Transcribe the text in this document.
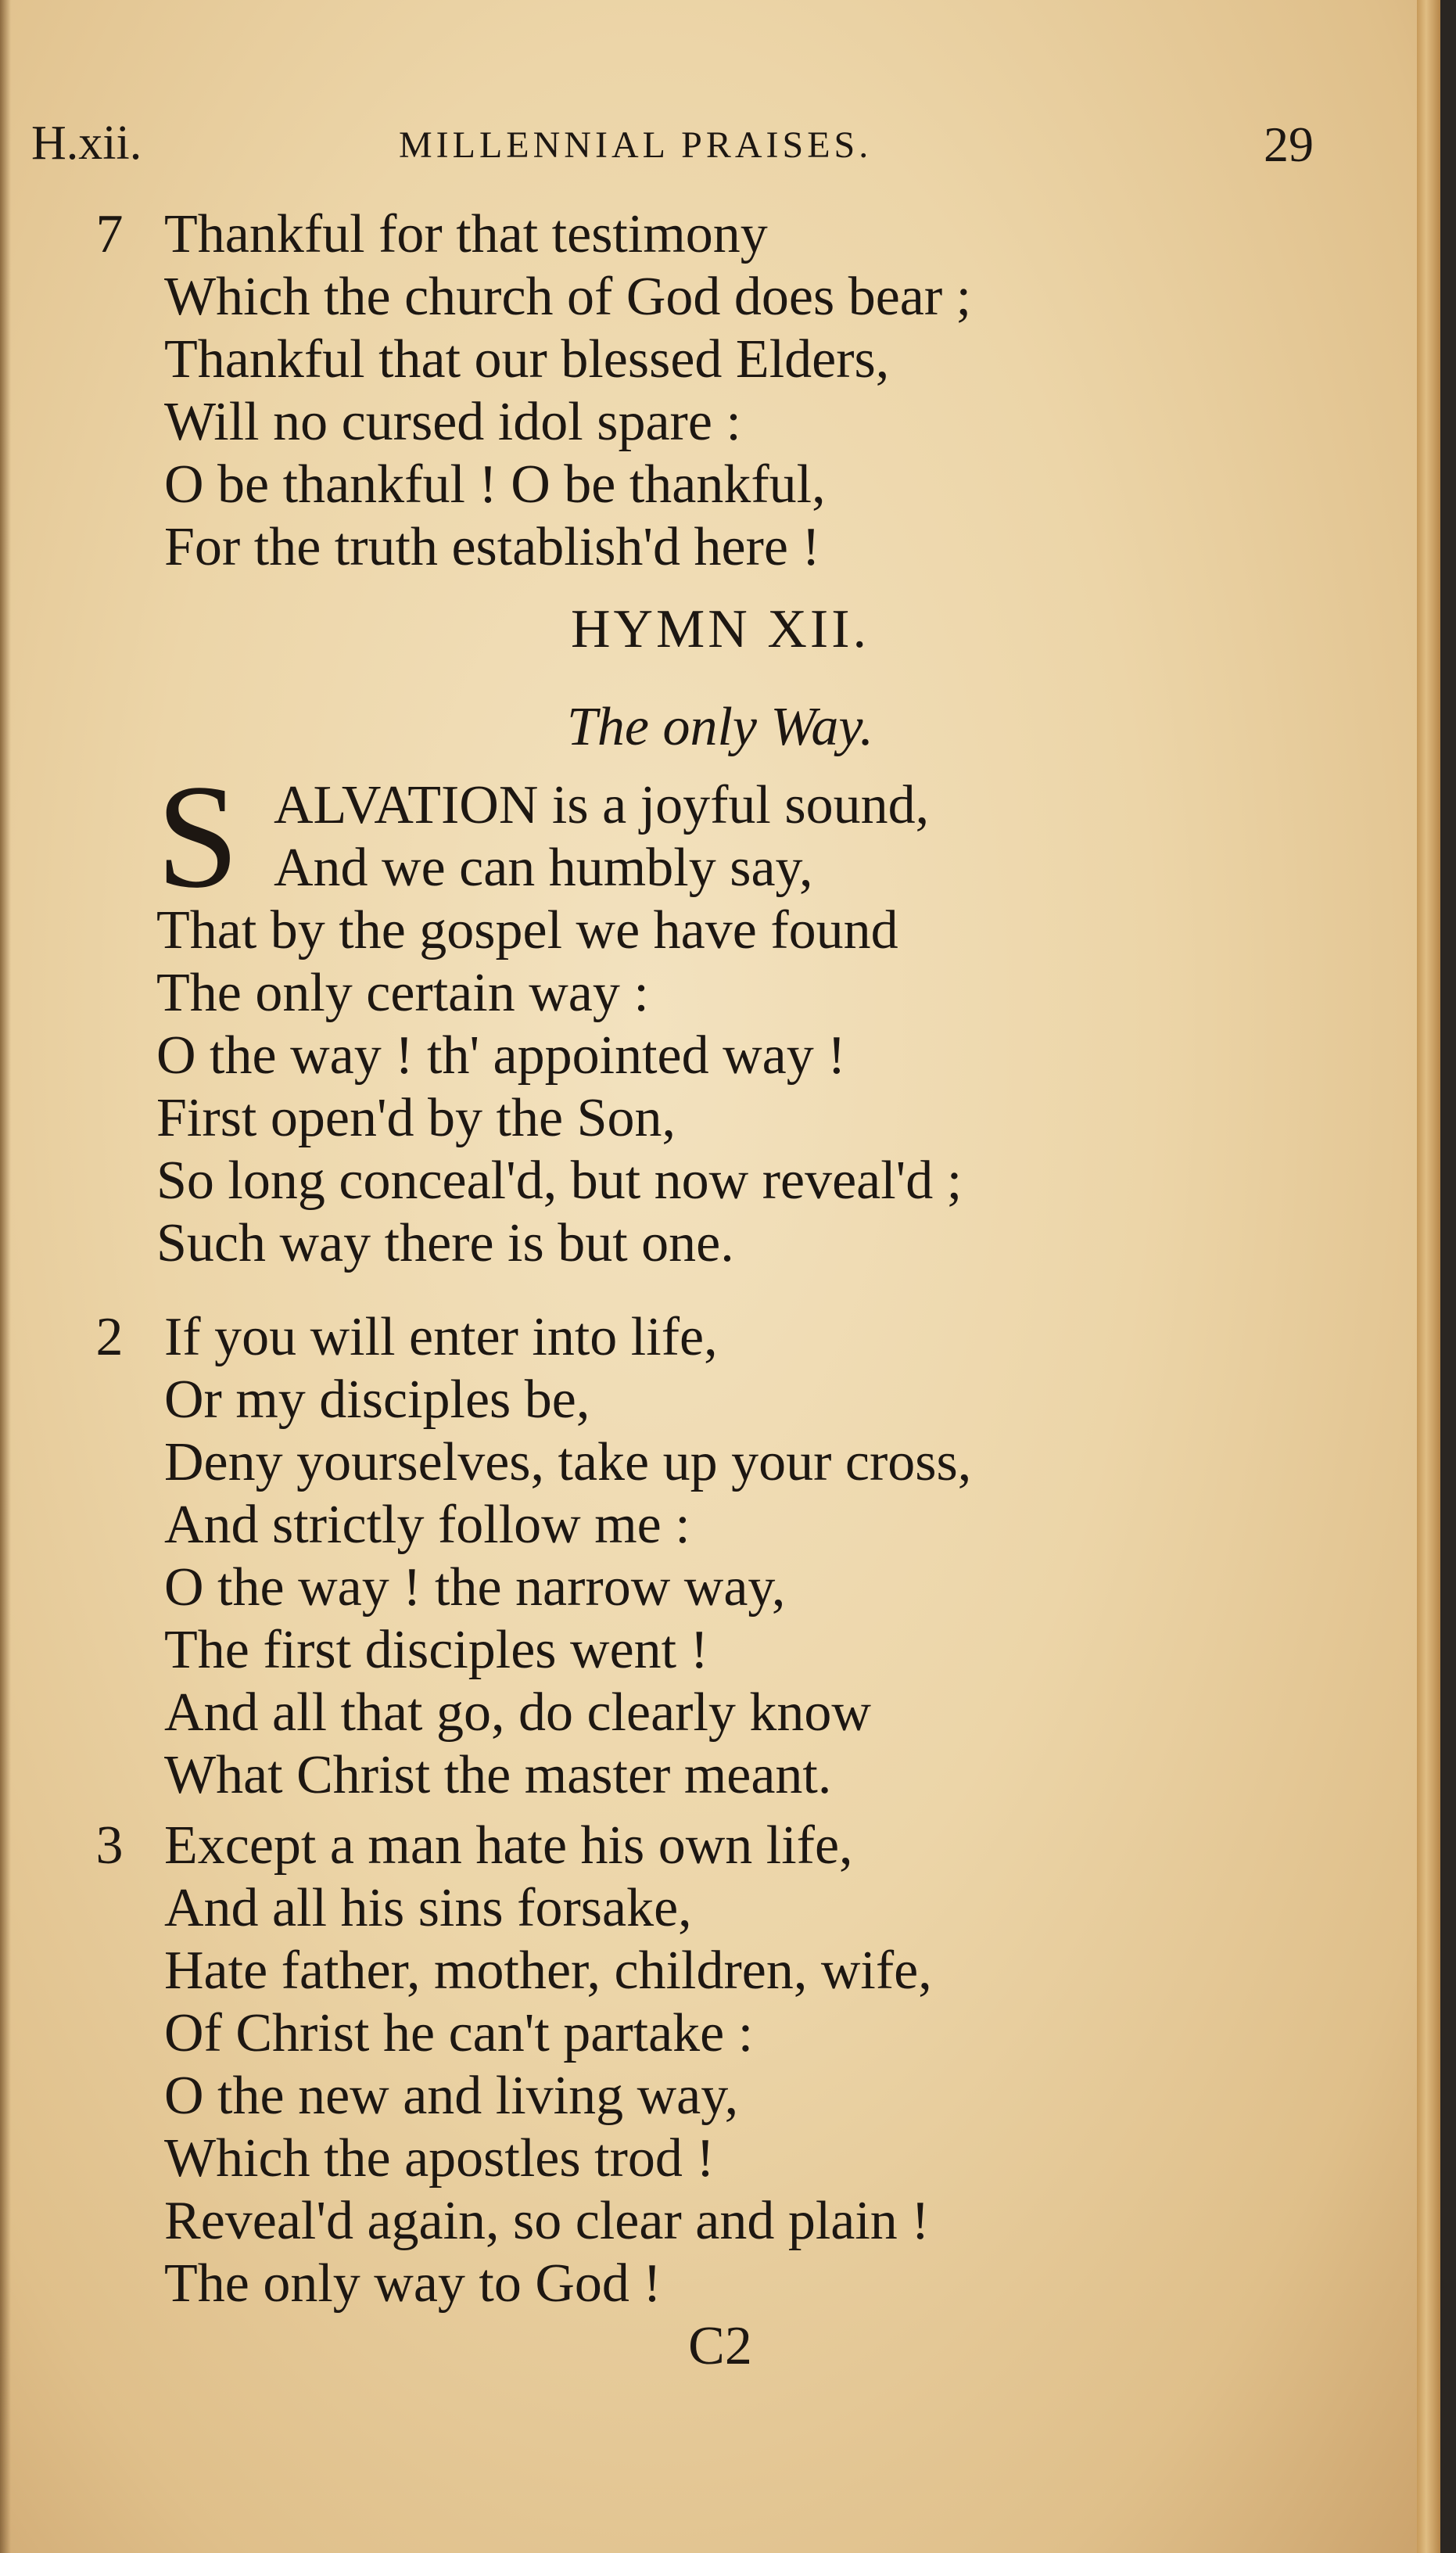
H.xii.	MILLENNIAL PRAISES.	29
7 Thankful for that testimony
Which the church of God does bear ;
Thankful that our blessed Elders,
Will no cursed idol spare :
O be thankful ! O be thankful,
For the truth establish'd here !
HYMN XII.
The only Way.
S ALVATION is a joyful sound,
And we can humbly say,
That by the gospel we have found
The only certain way :
O the way ! th' appointed way !
First open'd by the Son,
So long conceal'd, but now reveal'd ;
Such way there is but one.
2 If you will enter into life,
Or my disciples be,
Deny yourselves, take up your cross,
And strictly follow me :
O the way ! the narrow way,
The first disciples went !
And all that go, do clearly know
What Christ the master meant.
3 Except a man hate his own life,
And all his sins forsake,
Hate father, mother, children, wife,
Of Christ he can't partake :
O the new and living way,
Which the apostles trod !
Reveal'd again, so clear and plain !
The only way to God !
C2
